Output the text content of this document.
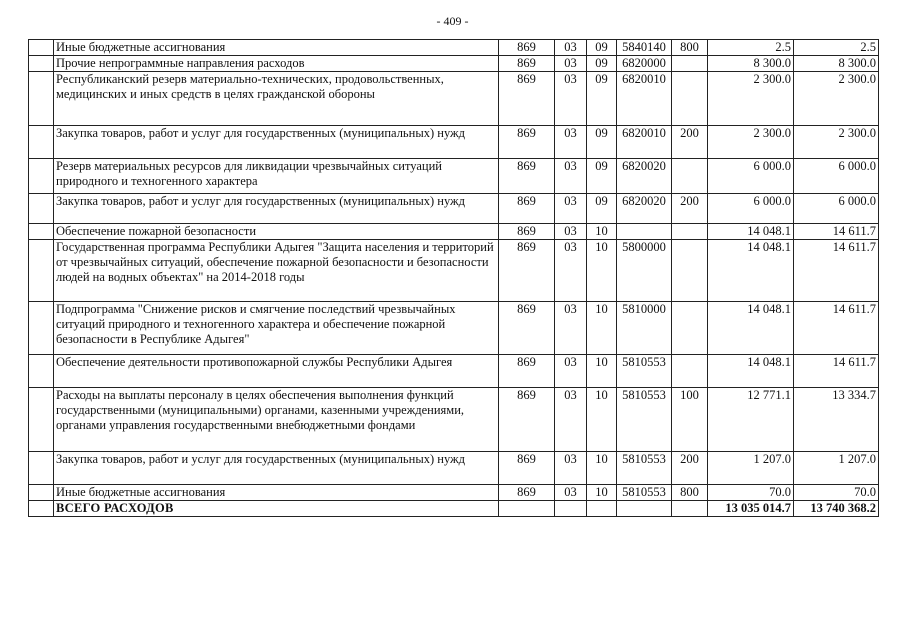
- 409 -
	Иные бюджетные ассигнования	869	03	09	5840140	800	2.5	2.5
	Прочие непрограммные направления расходов	869	03	09	6820000		8 300.0	8 300.0
	Республиканский резерв материально-технических, продовольственных, медицинских и иных средств в целях гражданской обороны	869	03	09	6820010		2 300.0	2 300.0
	Закупка товаров, работ и услуг для государственных (муниципальных) нужд	869	03	09	6820010	200	2 300.0	2 300.0
	Резерв материальных ресурсов для ликвидации чрезвычайных ситуаций природного и техногенного характера	869	03	09	6820020		6 000.0	6 000.0
	Закупка товаров, работ и услуг для государственных (муниципальных) нужд	869	03	09	6820020	200	6 000.0	6 000.0
	Обеспечение пожарной безопасности	869	03	10			14 048.1	14 611.7
	Государственная программа Республики Адыгея "Защита населения и территорий от чрезвычайных ситуаций, обеспечение пожарной безопасности и безопасности людей на водных объектах" на 2014-2018 годы	869	03	10	5800000		14 048.1	14 611.7
	Подпрограмма "Снижение рисков и смягчение последствий чрезвычайных ситуаций природного и техногенного характера и обеспечение пожарной безопасности в Республике Адыгея"	869	03	10	5810000		14 048.1	14 611.7
	Обеспечение деятельности противопожарной службы Республики Адыгея	869	03	10	5810553		14 048.1	14 611.7
	Расходы на выплаты персоналу в целях обеспечения выполнения функций государственными (муниципальными) органами, казенными учреждениями, органами управления государственными внебюджетными фондами	869	03	10	5810553	100	12 771.1	13 334.7
	Закупка товаров, работ и услуг для государственных (муниципальных) нужд	869	03	10	5810553	200	1 207.0	1 207.0
	Иные бюджетные ассигнования	869	03	10	5810553	800	70.0	70.0
	ВСЕГО РАСХОДОВ						13 035 014.7	13 740 368.2
